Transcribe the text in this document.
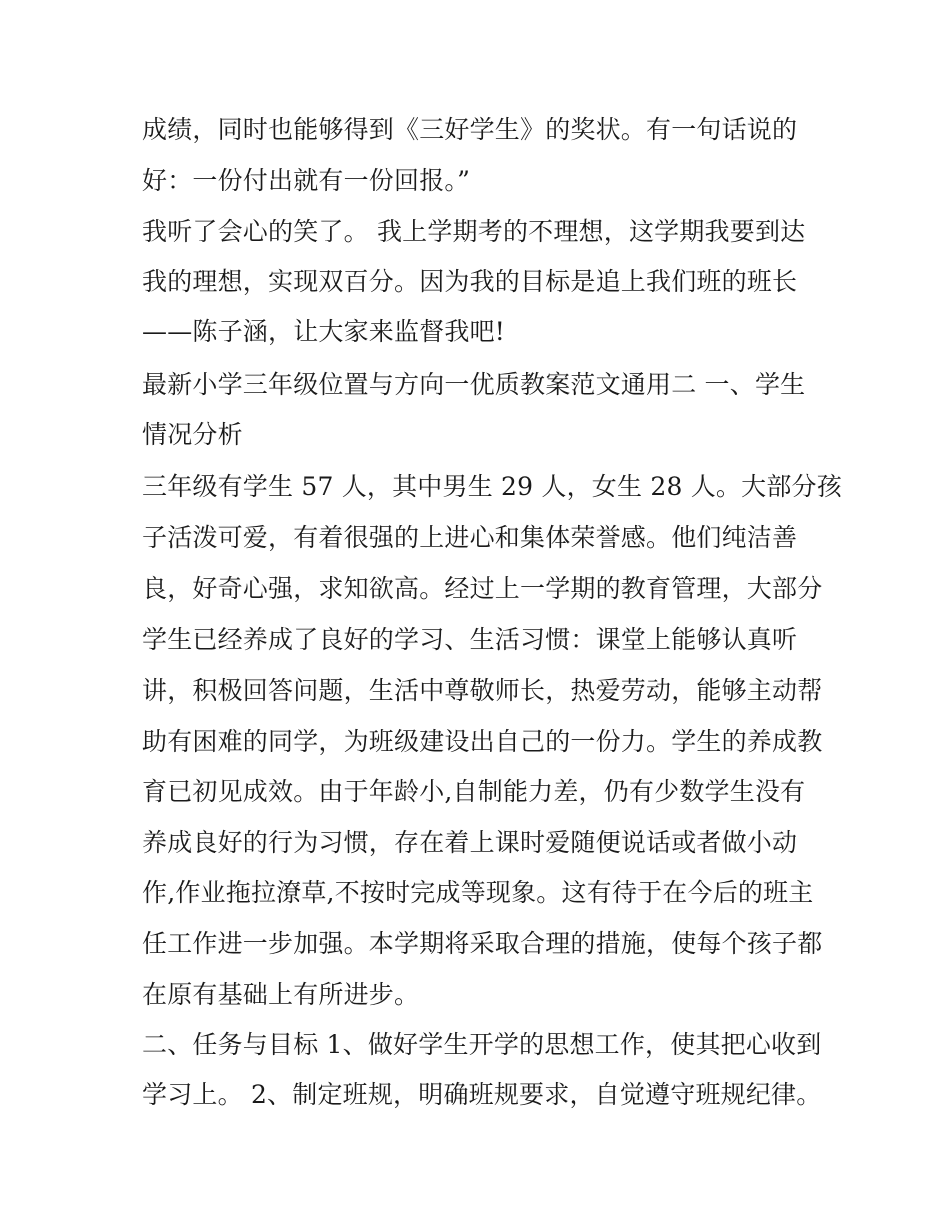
成绩，同时也能够得到《三好学生》的奖状。有一句话说的
好：一份付出就有一份回报。”
我听了会心的笑了。 我上学期考的不理想，这学期我要到达
我的理想，实现双百分。因为我的目标是追上我们班的班长
——陈子涵，让大家来监督我吧!
最新小学三年级位置与方向一优质教案范文通用二 一、学生
情况分析
三年级有学生 57 人，其中男生 29 人，女生 28 人。大部分孩
子活泼可爱，有着很强的上进心和集体荣誉感。他们纯洁善
良，好奇心强，求知欲高。经过上一学期的教育管理，大部分
学生已经养成了良好的学习、生活习惯：课堂上能够认真听
讲，积极回答问题，生活中尊敬师长，热爱劳动，能够主动帮
助有困难的同学，为班级建设出自己的一份力。学生的养成教
育已初见成效。由于年龄小,自制能力差，仍有少数学生没有
养成良好的行为习惯，存在着上课时爱随便说话或者做小动
作,作业拖拉潦草,不按时完成等现象。这有待于在今后的班主
任工作进一步加强。本学期将采取合理的措施，使每个孩子都
在原有基础上有所进步。
二、任务与目标 1、做好学生开学的思想工作，使其把心收到
学习上。 2、制定班规，明确班规要求，自觉遵守班规纪律。
